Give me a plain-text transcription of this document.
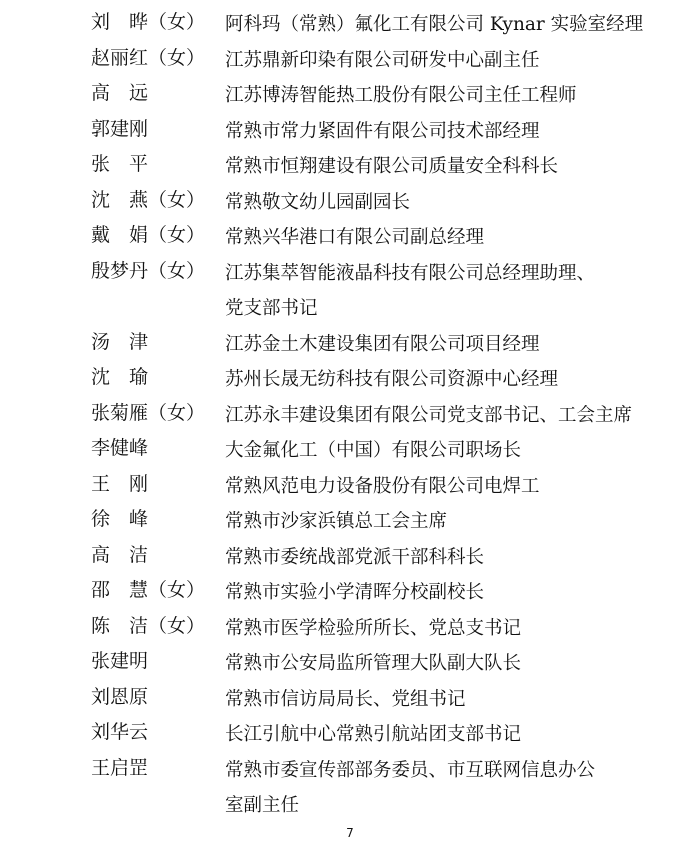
刘　晔（女） 阿科玛（常熟）氟化工有限公司 Kynar 实验室经理
赵丽红（女） 江苏鼎新印染有限公司研发中心副主任
高　远	江苏博涛智能热工股份有限公司主任工程师
郭建刚	常熟市常力紧固件有限公司技术部经理
张　平	常熟市恒翔建设有限公司质量安全科科长
沈　燕（女） 常熟敬文幼儿园副园长
戴　娟（女） 常熟兴华港口有限公司副总经理
殷梦丹（女） 江苏集萃智能液晶科技有限公司总经理助理、
党支部书记
汤　津	江苏金土木建设集团有限公司项目经理
沈　瑜	苏州长晟无纺科技有限公司资源中心经理
张菊雁（女） 江苏永丰建设集团有限公司党支部书记、工会主席
李健峰	大金氟化工（中国）有限公司职场长
王　刚	常熟风范电力设备股份有限公司电焊工
徐　峰	常熟市沙家浜镇总工会主席
高　洁	常熟市委统战部党派干部科科长
邵　慧（女） 常熟市实验小学清晖分校副校长
陈　洁（女） 常熟市医学检验所所长、党总支书记
张建明	常熟市公安局监所管理大队副大队长
刘恩原	常熟市信访局局长、党组书记
刘华云	长江引航中心常熟引航站团支部书记
王启罡	常熟市委宣传部部务委员、市互联网信息办公
室副主任
7
